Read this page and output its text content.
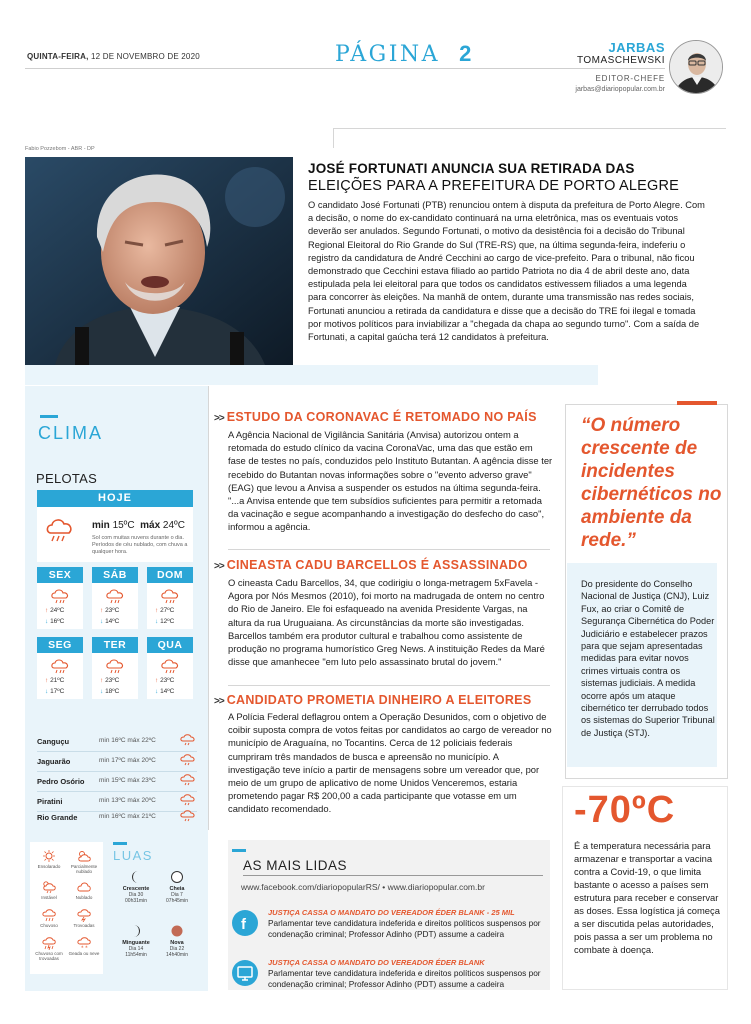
QUINTA-FEIRA, 12 DE NOVEMBRO DE 2020	PÁGINA 2	JARBAS
TOMASCHEWSKI
EDITOR-CHEFE
jarbas@diariopopular.com.br
Fabio Pozzebom - ABR - DP
JOSÉ FORTUNATI ANUNCIA SUA RETIRADA DAS
ELEIÇÕES PARA A PREFEITURA DE PORTO ALEGRE
O candidato José Fortunati (PTB) renunciou ontem à disputa da prefeitura de Porto Alegre. Com a decisão, o nome do ex-candidato continuará na urna eletrônica, mas os eventuais votos deverão ser anulados. Segundo Fortunati, o motivo da desistência foi a decisão do Tribunal Regional Eleitoral do Rio Grande do Sul (TRE-RS) que, na última segunda-feira, indeferiu o registro da candidatura de André Cecchini ao cargo de vice-prefeito. Para o tribunal, não ficou demonstrado que Cecchini estava filiado ao partido Patriota no dia 4 de abril deste ano, data estipulada pela lei eleitoral para que todos os candidatos estivessem filiados a uma legenda para concorrer às eleições. Na manhã de ontem, durante uma transmissão nas redes sociais, Fortunati anunciou a retirada da candidatura e disse que a decisão do TRE foi ilegal e tomada por motivos políticos para inviabilizar a "chegada da chapa ao segundo turno". Com a saída de Fortunati, a capital gaúcha terá 12 candidatos à prefeitura.
CLIMA
PELOTAS
HOJE
min 15ºC máx 24ºC
Sol com muitas nuvens durante o dia. Períodos de céu nublado, com chuva a qualquer hora.
SEX
↑ 24ºC
↓ 16ºC
SÁB
↑ 23ºC
↓ 14ºC
DOM
↑ 27ºC
↓ 12ºC
SEG
↑ 21ºC
↓ 17ºC
TER
↑ 23ºC
↓ 18ºC
QUA
↑ 23ºC
↓ 14ºC
Canguçu	min 16ºC máx 22ºC
Jaguarão	min 17ºC máx 20ºC
Pedro Osório min 15ºC máx 23ºC
Piratini	min 13ºC máx 20ºC
Rio Grande	min 16ºC máx 21ºC
Ensolarado	Parcialmente nublado
Instável	Nublado
Chuvoso	Trovoadas
Chuvoso com trovoadas
* *
Geada ou neve
LUAS
Crescente
Dia 30
00h31min
Cheia
Dia 7
07h45min
Minguante
Dia 14
11h54min
Nova
Dia 22
14h40min
>> ESTUDO DA CORONAVAC É RETOMADO NO PAÍS
A Agência Nacional de Vigilância Sanitária (Anvisa) autorizou ontem a retomada do estudo clínico da vacina CoronaVac, uma das que estão em fase de testes no país, conduzidos pelo Instituto Butantan. A agência disse ter recebido do Butantan novas informações sobre o "evento adverso grave" (EAG) que levou a Anvisa a suspender os estudos na última segunda-feira. "...a Anvisa entende que tem subsídios suficientes para permitir a retomada da vacinação e segue acompanhando a investigação do desfecho do caso", informou a agência.
>> CINEASTA CADU BARCELLOS É ASSASSINADO
O cineasta Cadu Barcellos, 34, que codirigiu o longa-metragem 5xFavela - Agora por Nós Mesmos (2010), foi morto na madrugada de ontem no centro do Rio de Janeiro. Ele foi esfaqueado na avenida Presidente Vargas, na altura da rua Uruguaiana. As circunstâncias da morte são investigadas. Barcellos também era produtor cultural e trabalhou como assistente de produção no programa humorístico Greg News. A instituição Redes da Maré disse que amanhecee "em luto pelo assassinato brutal do jovem."
>> CANDIDATO PROMETIA DINHEIRO A ELEITORES
A Polícia Federal deflagrou ontem a Operação Desunidos, com o objetivo de coibir suposta compra de votos feitas por candidatos ao cargo de vereador no município de Araguaína, no Tocantins. Cerca de 12 policiais federais cumpriram três mandados de busca e apreensão no município. A investigação teve início a partir de mensagens sobre um vereador que, por meio de um grupo de aplicativo de nome Unidos Venceremos, estaria prometendo pagar R$ 200,00 a cada participante que votasse em um candidato recomendado.
AS MAIS LIDAS
www.facebook.com/diariopopularRS/ • www.diariopopular.com.br
f
JUSTIÇA CASSA O MANDATO DO VEREADOR ÉDER BLANK - 25 MIL
Parlamentar teve candidatura indeferida e direitos políticos suspensos por condenação criminal; Professor Adinho (PDT) assume a cadeira
JUSTIÇA CASSA O MANDATO DO VEREADOR ÉDER BLANK
Parlamentar teve candidatura indeferida e direitos políticos suspensos por condenação criminal; Professor Adinho (PDT) assume a cadeira
“O número crescente de incidentes cibernéticos no ambiente da rede.”
Do presidente do Conselho Nacional de Justiça (CNJ), Luiz Fux, ao criar o Comitê de Segurança Cibernética do Poder Judiciário e estabelecer prazos para que sejam apresentadas medidas para evitar novos crimes virtuais contra os sistemas judiciais. A medida ocorre após um ataque cibernético ter derrubado todos os sistemas do Superior Tribunal de Justiça (STJ).
-70ºC
É a temperatura necessária para armazenar e transportar a vacina contra a Covid-19, o que limita bastante o acesso a países sem estrutura para receber e conservar as doses. Essa logística já começa a ser discutida pelas autoridades, pois passa a ser um problema no combate à doença.
